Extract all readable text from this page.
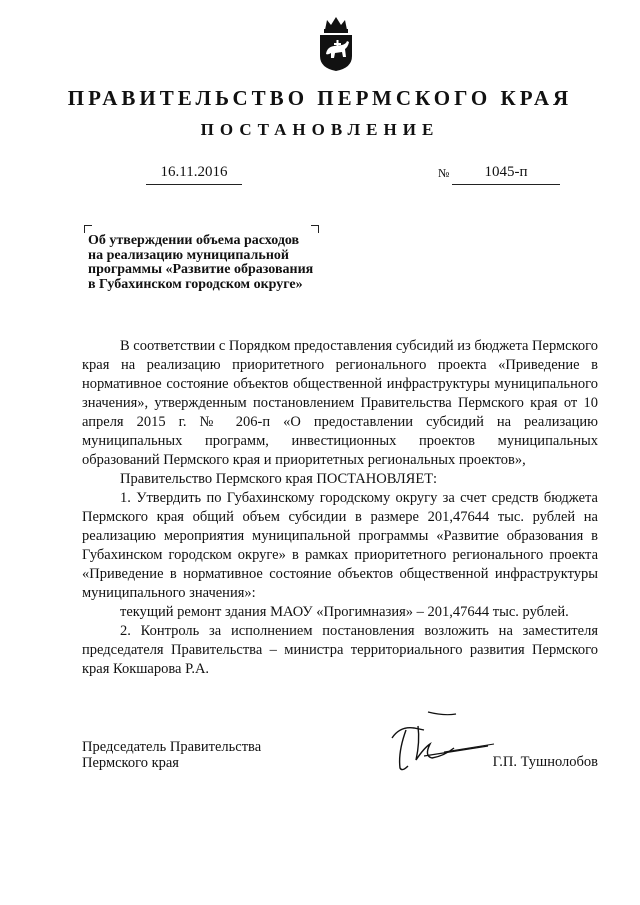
ПРАВИТЕЛЬСТВО ПЕРМСКОГО КРАЯ
ПОСТАНОВЛЕНИЕ
16.11.2016	№	1045-п
Об утверждении объема расходов
на реализацию муниципальной
программы «Развитие образования
в Губахинском городском округе»

В соответствии с Порядком предоставления субсидий из бюджета Пермского края на реализацию приоритетного регионального проекта «Приведение в нормативное состояние объектов общественной инфраструктуры муниципального значения», утвержденным постановлением Правительства Пермского края от 10 апреля 2015 г. № 206-п «О предоставлении субсидий на реализацию муниципальных программ, инвестиционных проектов муниципальных образований Пермского края и приоритетных региональных проектов»,

Правительство Пермского края ПОСТАНОВЛЯЕТ:

1. Утвердить по Губахинскому городскому округу за счет средств бюджета Пермского края общий объем субсидии в размере 201,47644 тыс. рублей на реализацию мероприятия муниципальной программы «Развитие образования в Губахинском городском округе» в рамках приоритетного регионального проекта «Приведение в нормативное состояние объектов общественной инфраструктуры муниципального значения»:

текущий ремонт здания МАОУ «Прогимназия» – 201,47644 тыс. рублей.

2. Контроль за исполнением постановления возложить на заместителя председателя Правительства – министра территориального развития Пермского края Кокшарова Р.А.

Председатель Правительства
Пермского края	Г.П. Тушнолобов
